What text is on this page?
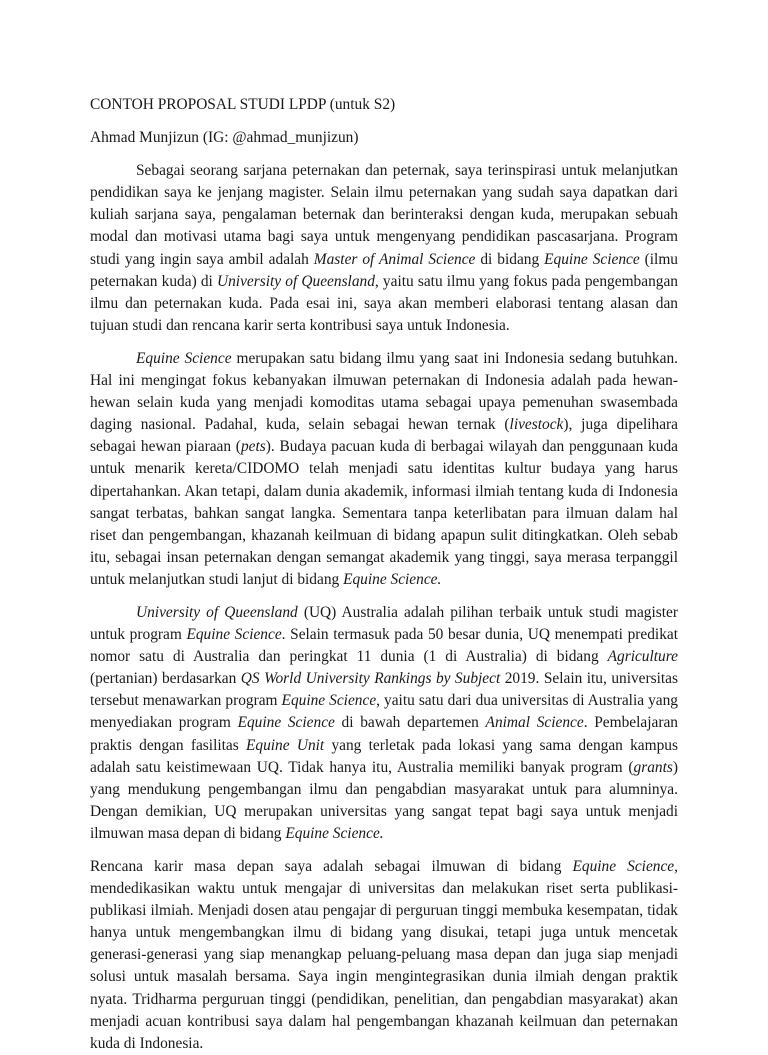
CONTOH PROPOSAL STUDI LPDP (untuk S2)

Ahmad Munjizun (IG: @ahmad_munjizun)

Sebagai seorang sarjana peternakan dan peternak, saya terinspirasi untuk melanjutkan pendidikan saya ke jenjang magister. Selain ilmu peternakan yang sudah saya dapatkan dari kuliah sarjana saya, pengalaman beternak dan berinteraksi dengan kuda, merupakan sebuah modal dan motivasi utama bagi saya untuk mengenyang pendidikan pascasarjana. Program studi yang ingin saya ambil adalah Master of Animal Science di bidang Equine Science (ilmu peternakan kuda) di University of Queensland, yaitu satu ilmu yang fokus pada pengembangan ilmu dan peternakan kuda. Pada esai ini, saya akan memberi elaborasi tentang alasan dan tujuan studi dan rencana karir serta kontribusi saya untuk Indonesia.

Equine Science merupakan satu bidang ilmu yang saat ini Indonesia sedang butuhkan. Hal ini mengingat fokus kebanyakan ilmuwan peternakan di Indonesia adalah pada hewan-hewan selain kuda yang menjadi komoditas utama sebagai upaya pemenuhan swasembada daging nasional. Padahal, kuda, selain sebagai hewan ternak (livestock), juga dipelihara sebagai hewan piaraan (pets). Budaya pacuan kuda di berbagai wilayah dan penggunaan kuda untuk menarik kereta/CIDOMO telah menjadi satu identitas kultur budaya yang harus dipertahankan. Akan tetapi, dalam dunia akademik, informasi ilmiah tentang kuda di Indonesia sangat terbatas, bahkan sangat langka. Sementara tanpa keterlibatan para ilmuan dalam hal riset dan pengembangan, khazanah keilmuan di bidang apapun sulit ditingkatkan. Oleh sebab itu, sebagai insan peternakan dengan semangat akademik yang tinggi, saya merasa terpanggil untuk melanjutkan studi lanjut di bidang Equine Science.

University of Queensland (UQ) Australia adalah pilihan terbaik untuk studi magister untuk program Equine Science. Selain termasuk pada 50 besar dunia, UQ menempati predikat nomor satu di Australia dan peringkat 11 dunia (1 di Australia) di bidang Agriculture (pertanian) berdasarkan QS World University Rankings by Subject 2019. Selain itu, universitas tersebut menawarkan program Equine Science, yaitu satu dari dua universitas di Australia yang menyediakan program Equine Science di bawah departemen Animal Science. Pembelajaran praktis dengan fasilitas Equine Unit yang terletak pada lokasi yang sama dengan kampus adalah satu keistimewaan UQ. Tidak hanya itu, Australia memiliki banyak program (grants) yang mendukung pengembangan ilmu dan pengabdian masyarakat untuk para alumninya. Dengan demikian, UQ merupakan universitas yang sangat tepat bagi saya untuk menjadi ilmuwan masa depan di bidang Equine Science.

Rencana karir masa depan saya adalah sebagai ilmuwan di bidang Equine Science, mendedikasikan waktu untuk mengajar di universitas dan melakukan riset serta publikasi-publikasi ilmiah. Menjadi dosen atau pengajar di perguruan tinggi membuka kesempatan, tidak hanya untuk mengembangkan ilmu di bidang yang disukai, tetapi juga untuk mencetak generasi-generasi yang siap menangkap peluang-peluang masa depan dan juga siap menjadi solusi untuk masalah bersama. Saya ingin mengintegrasikan dunia ilmiah dengan praktik nyata. Tridharma perguruan tinggi (pendidikan, penelitian, dan pengabdian masyarakat) akan menjadi acuan kontribusi saya dalam hal pengembangan khazanah keilmuan dan peternakan kuda di Indonesia.
